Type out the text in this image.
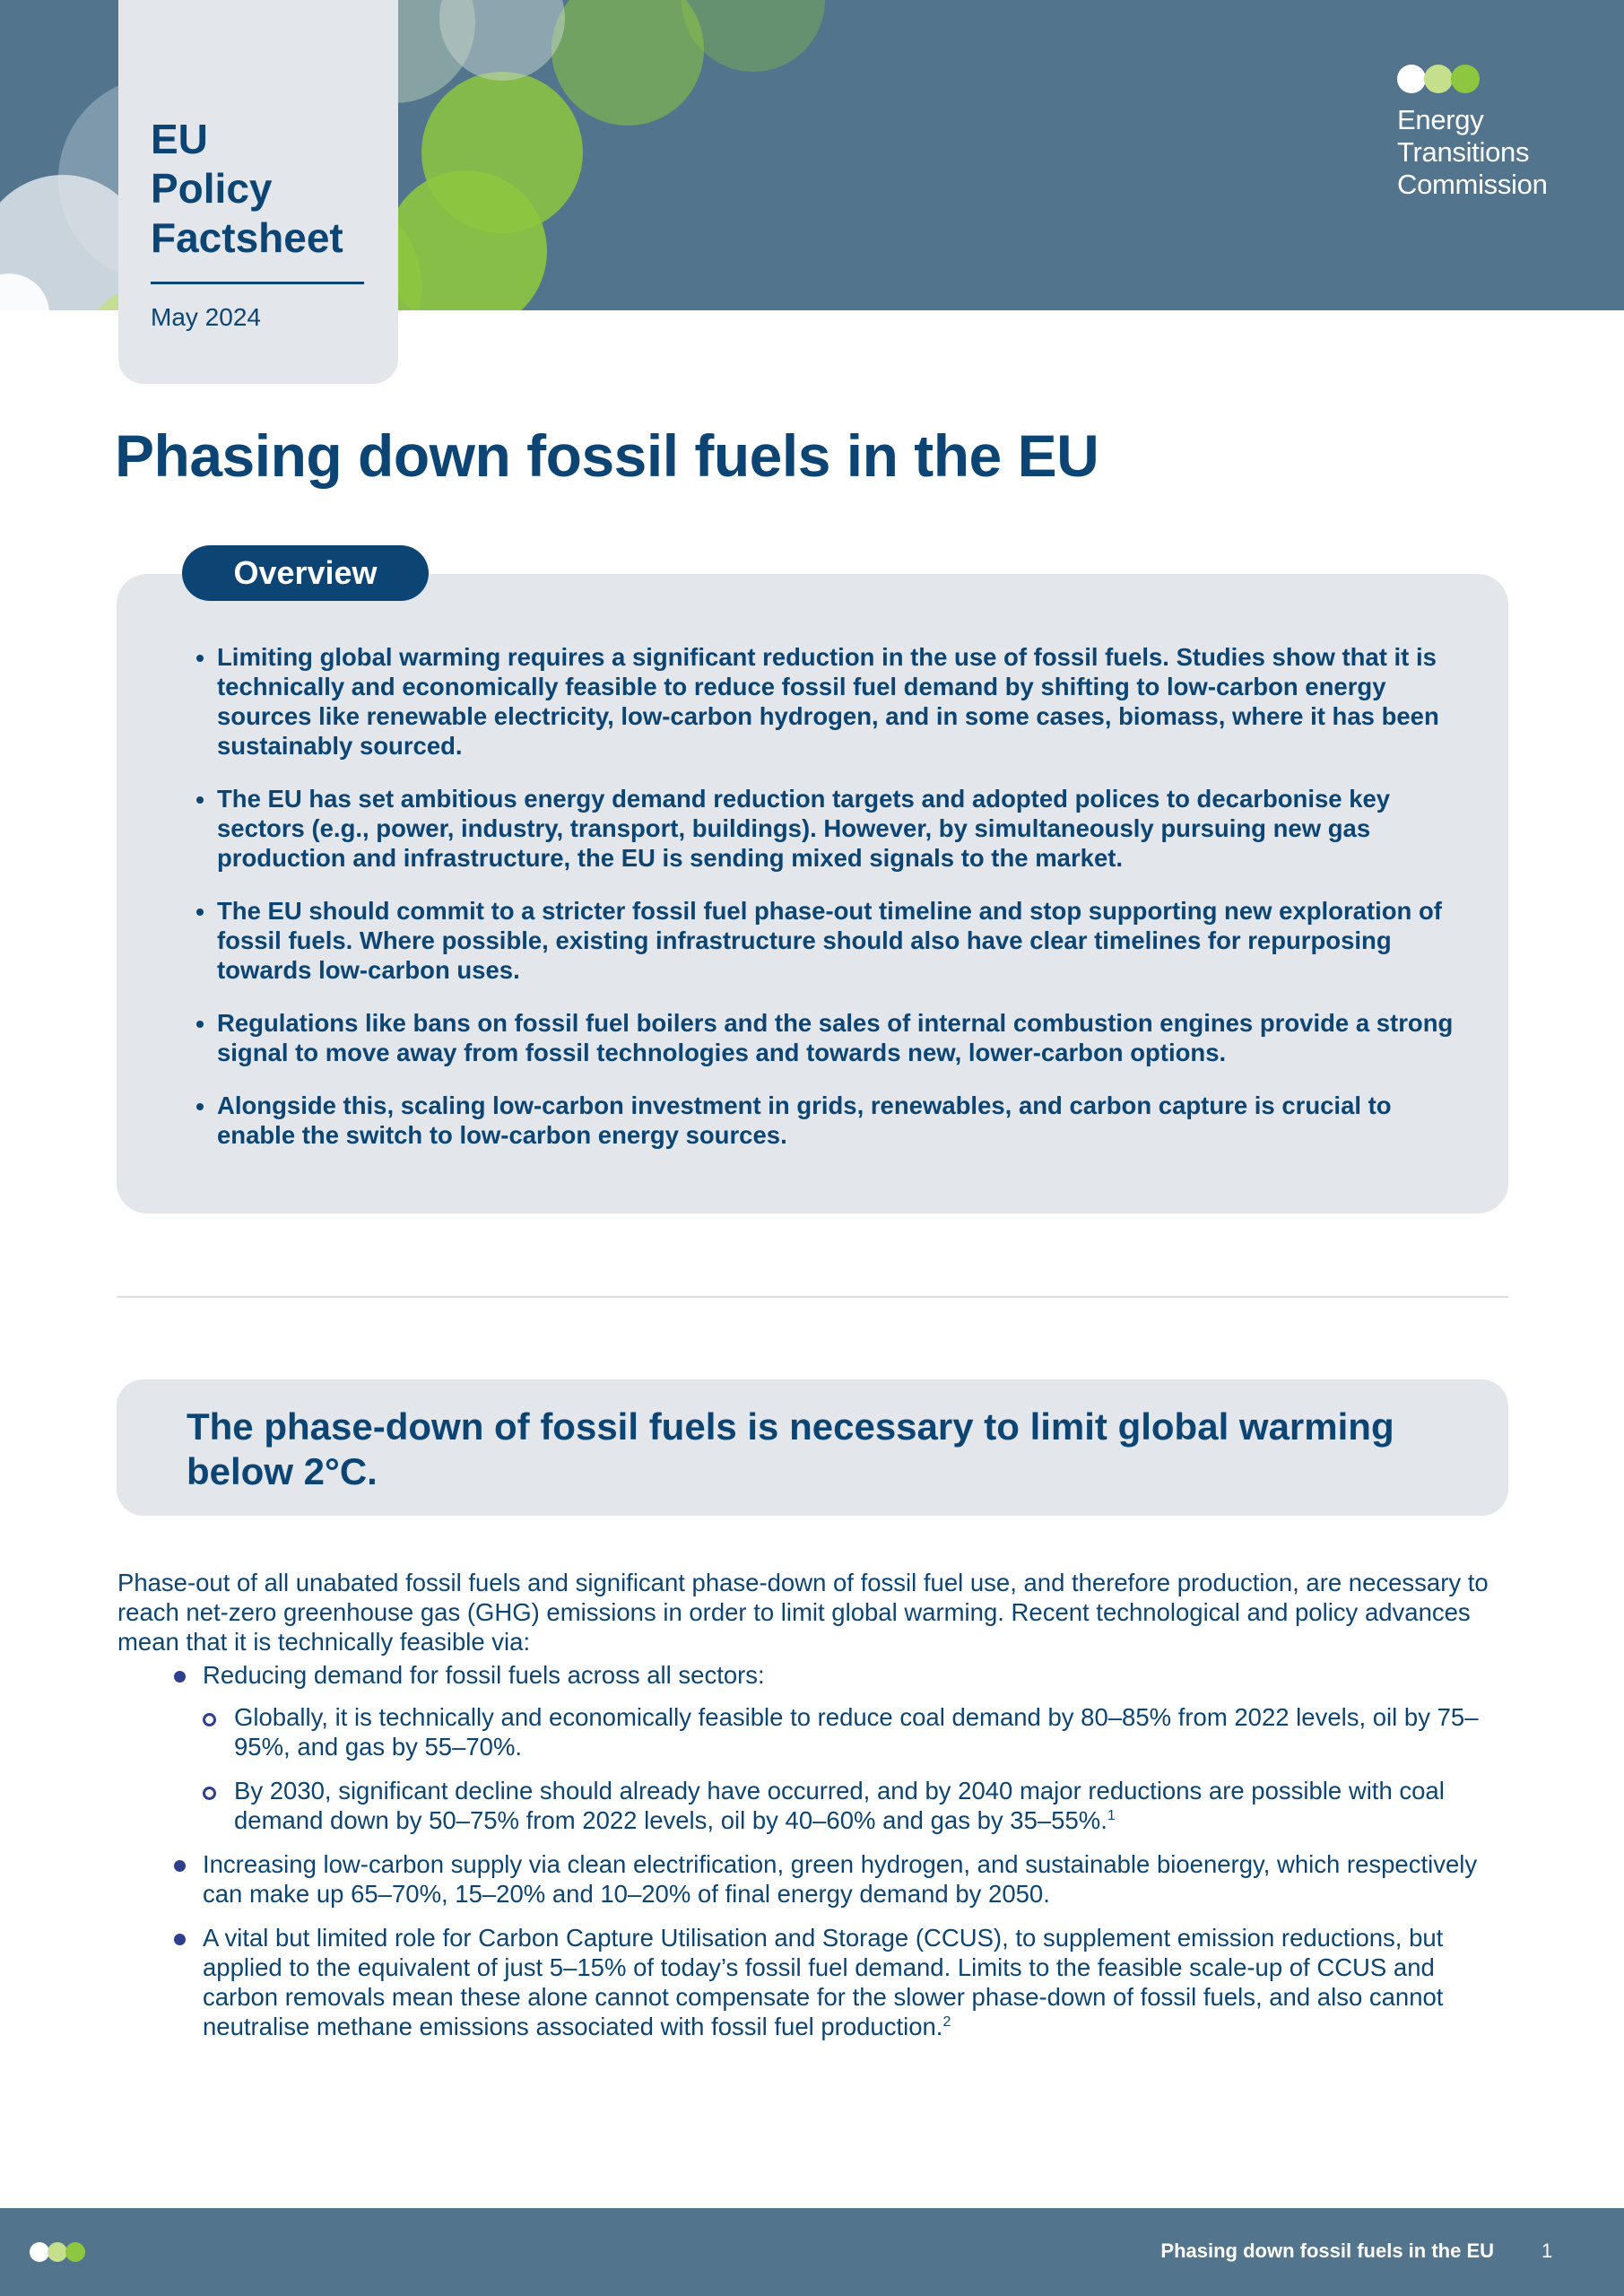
Energy
Transitions
Commission
EU
Policy
Factsheet
May 2024
Phasing down fossil fuels in the EU
Overview
• Limiting global warming requires a significant reduction in the use of fossil fuels. Studies show that it is technically and economically feasible to reduce fossil fuel demand by shifting to low-carbon energy sources like renewable electricity, low-carbon hydrogen, and in some cases, biomass, where it has been sustainably sourced.
• The EU has set ambitious energy demand reduction targets and adopted polices to decarbonise key sectors (e.g., power, industry, transport, buildings). However, by simultaneously pursuing new gas production and infrastructure, the EU is sending mixed signals to the market.
• The EU should commit to a stricter fossil fuel phase-out timeline and stop supporting new exploration of fossil fuels. Where possible, existing infrastructure should also have clear timelines for repurposing towards low-carbon uses.
• Regulations like bans on fossil fuel boilers and the sales of internal combustion engines provide a strong signal to move away from fossil technologies and towards new, lower-carbon options.
• Alongside this, scaling low-carbon investment in grids, renewables, and carbon capture is crucial to enable the switch to low-carbon energy sources.
The phase-down of fossil fuels is necessary to limit global warming below 2°C.

Phase-out of all unabated fossil fuels and significant phase-down of fossil fuel use, and therefore production, are necessary to reach net-zero greenhouse gas (GHG) emissions in order to limit global warming. Recent technological and policy advances mean that it is technically feasible via:

Reducing demand for fossil fuels across all sectors:
Globally, it is technically and economically feasible to reduce coal demand by 80–85% from 2022 levels, oil by 75–95%, and gas by 55–70%.
By 2030, significant decline should already have occurred, and by 2040 major reductions are possible with coal demand down by 50–75% from 2022 levels, oil by 40–60% and gas by 35–55%.$^1$
Increasing low-carbon supply via clean electrification, green hydrogen, and sustainable bioenergy, which respectively can make up 65–70%, 15–20% and 10–20% of final energy demand by 2050.
A vital but limited role for Carbon Capture Utilisation and Storage (CCUS), to supplement emission reductions, but applied to the equivalent of just 5–15% of today’s fossil fuel demand. Limits to the feasible scale-up of CCUS and carbon removals mean these alone cannot compensate for the slower phase-down of fossil fuels, and also cannot neutralise methane emissions associated with fossil fuel production.$^2$
Phasing down fossil fuels in the EU 1
